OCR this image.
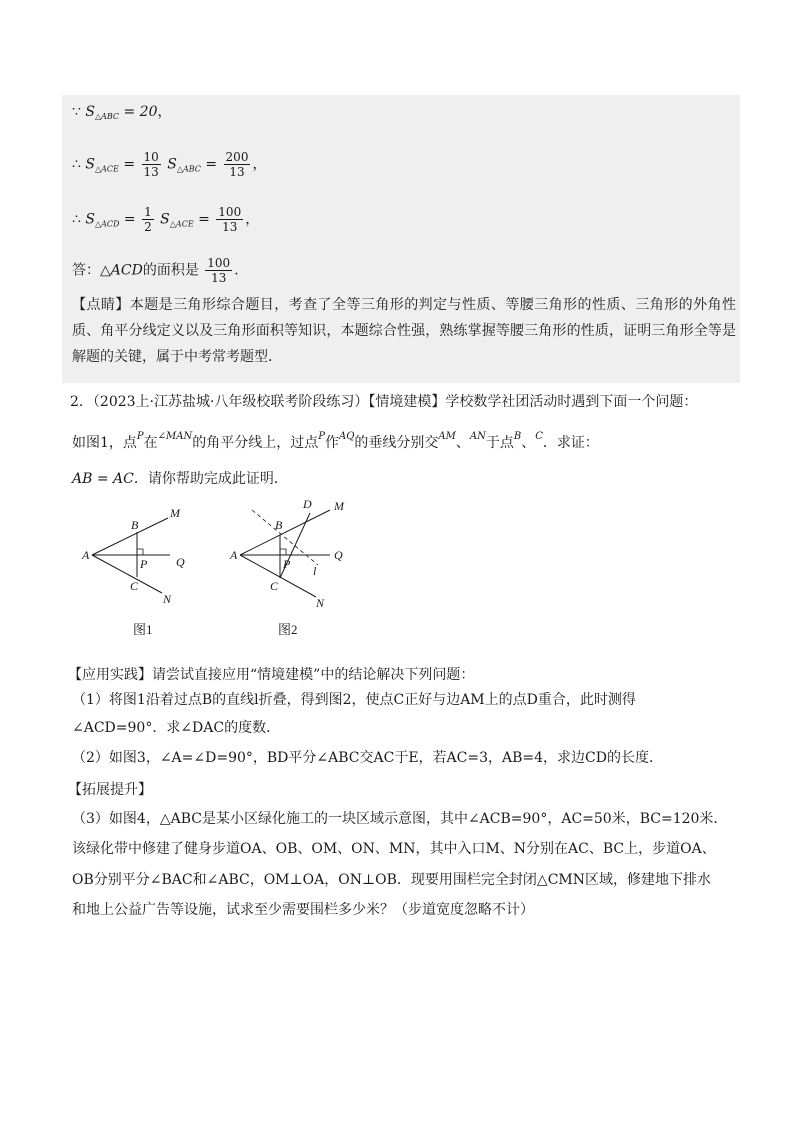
∵ $S_{\triangle ABC} = 20$，
∴ $S_{\triangle ACE} = \frac{10}{13} S_{\triangle ABC} = \frac{200}{13}$ ，
∴ $S_{\triangle ACD} = \frac{1}{2} S_{\triangle ACE} = \frac{100}{13}$ ，
答：△ACD的面积是 $\frac{100}{13}$ ．
【点睛】本题是三角形综合题目，考查了全等三角形的判定与性质、等腰三角形的性质、三角形的外角性质、角平分线定义以及三角形面积等知识，本题综合性强，熟练掌握等腰三角形的性质，证明三角形全等是解题的关键，属于中考常考题型．
2．（2023上·江苏盐城·八年级校联考阶段练习）【情境建模】学校数学社团活动时遇到下面一个问题：
如图1，点$^P$在$^{\angle MAN}$的角平分线上，过点$^P$作$^{AQ}$的垂线分别交$^{AM}$、$^{AN}$于点$^B$、$^C$．求证：
AB = AC．请你帮助完成此证明．
A
B
M
P Q
C
N
图1
A
B
D M
P
Q
l
C
N
图2
【应用实践】请尝试直接应用“情境建模”中的结论解决下列问题：
（1）将图1沿着过点B的直线l折叠，得到图2，使点C正好与边AM上的点D重合，此时测得
∠ACD=90°．求∠DAC的度数．
（2）如图3，∠A=∠D=90°，BD平分∠ABC交AC于E，若AC=3，AB=4，求边CD的长度．
【拓展提升】
（3）如图4，△ABC是某小区绿化施工的一块区域示意图，其中∠ACB=90°，AC=50米，BC=120米．
该绿化带中修建了健身步道OA、OB、OM、ON、MN，其中入口M、N分别在AC、BC上，步道OA、
OB分别平分∠BAC和∠ABC，OM⊥OA，ON⊥OB．现要用围栏完全封闭△CMN区域，修建地下排水
和地上公益广告等设施，试求至少需要围栏多少米？（步道宽度忽略不计）
